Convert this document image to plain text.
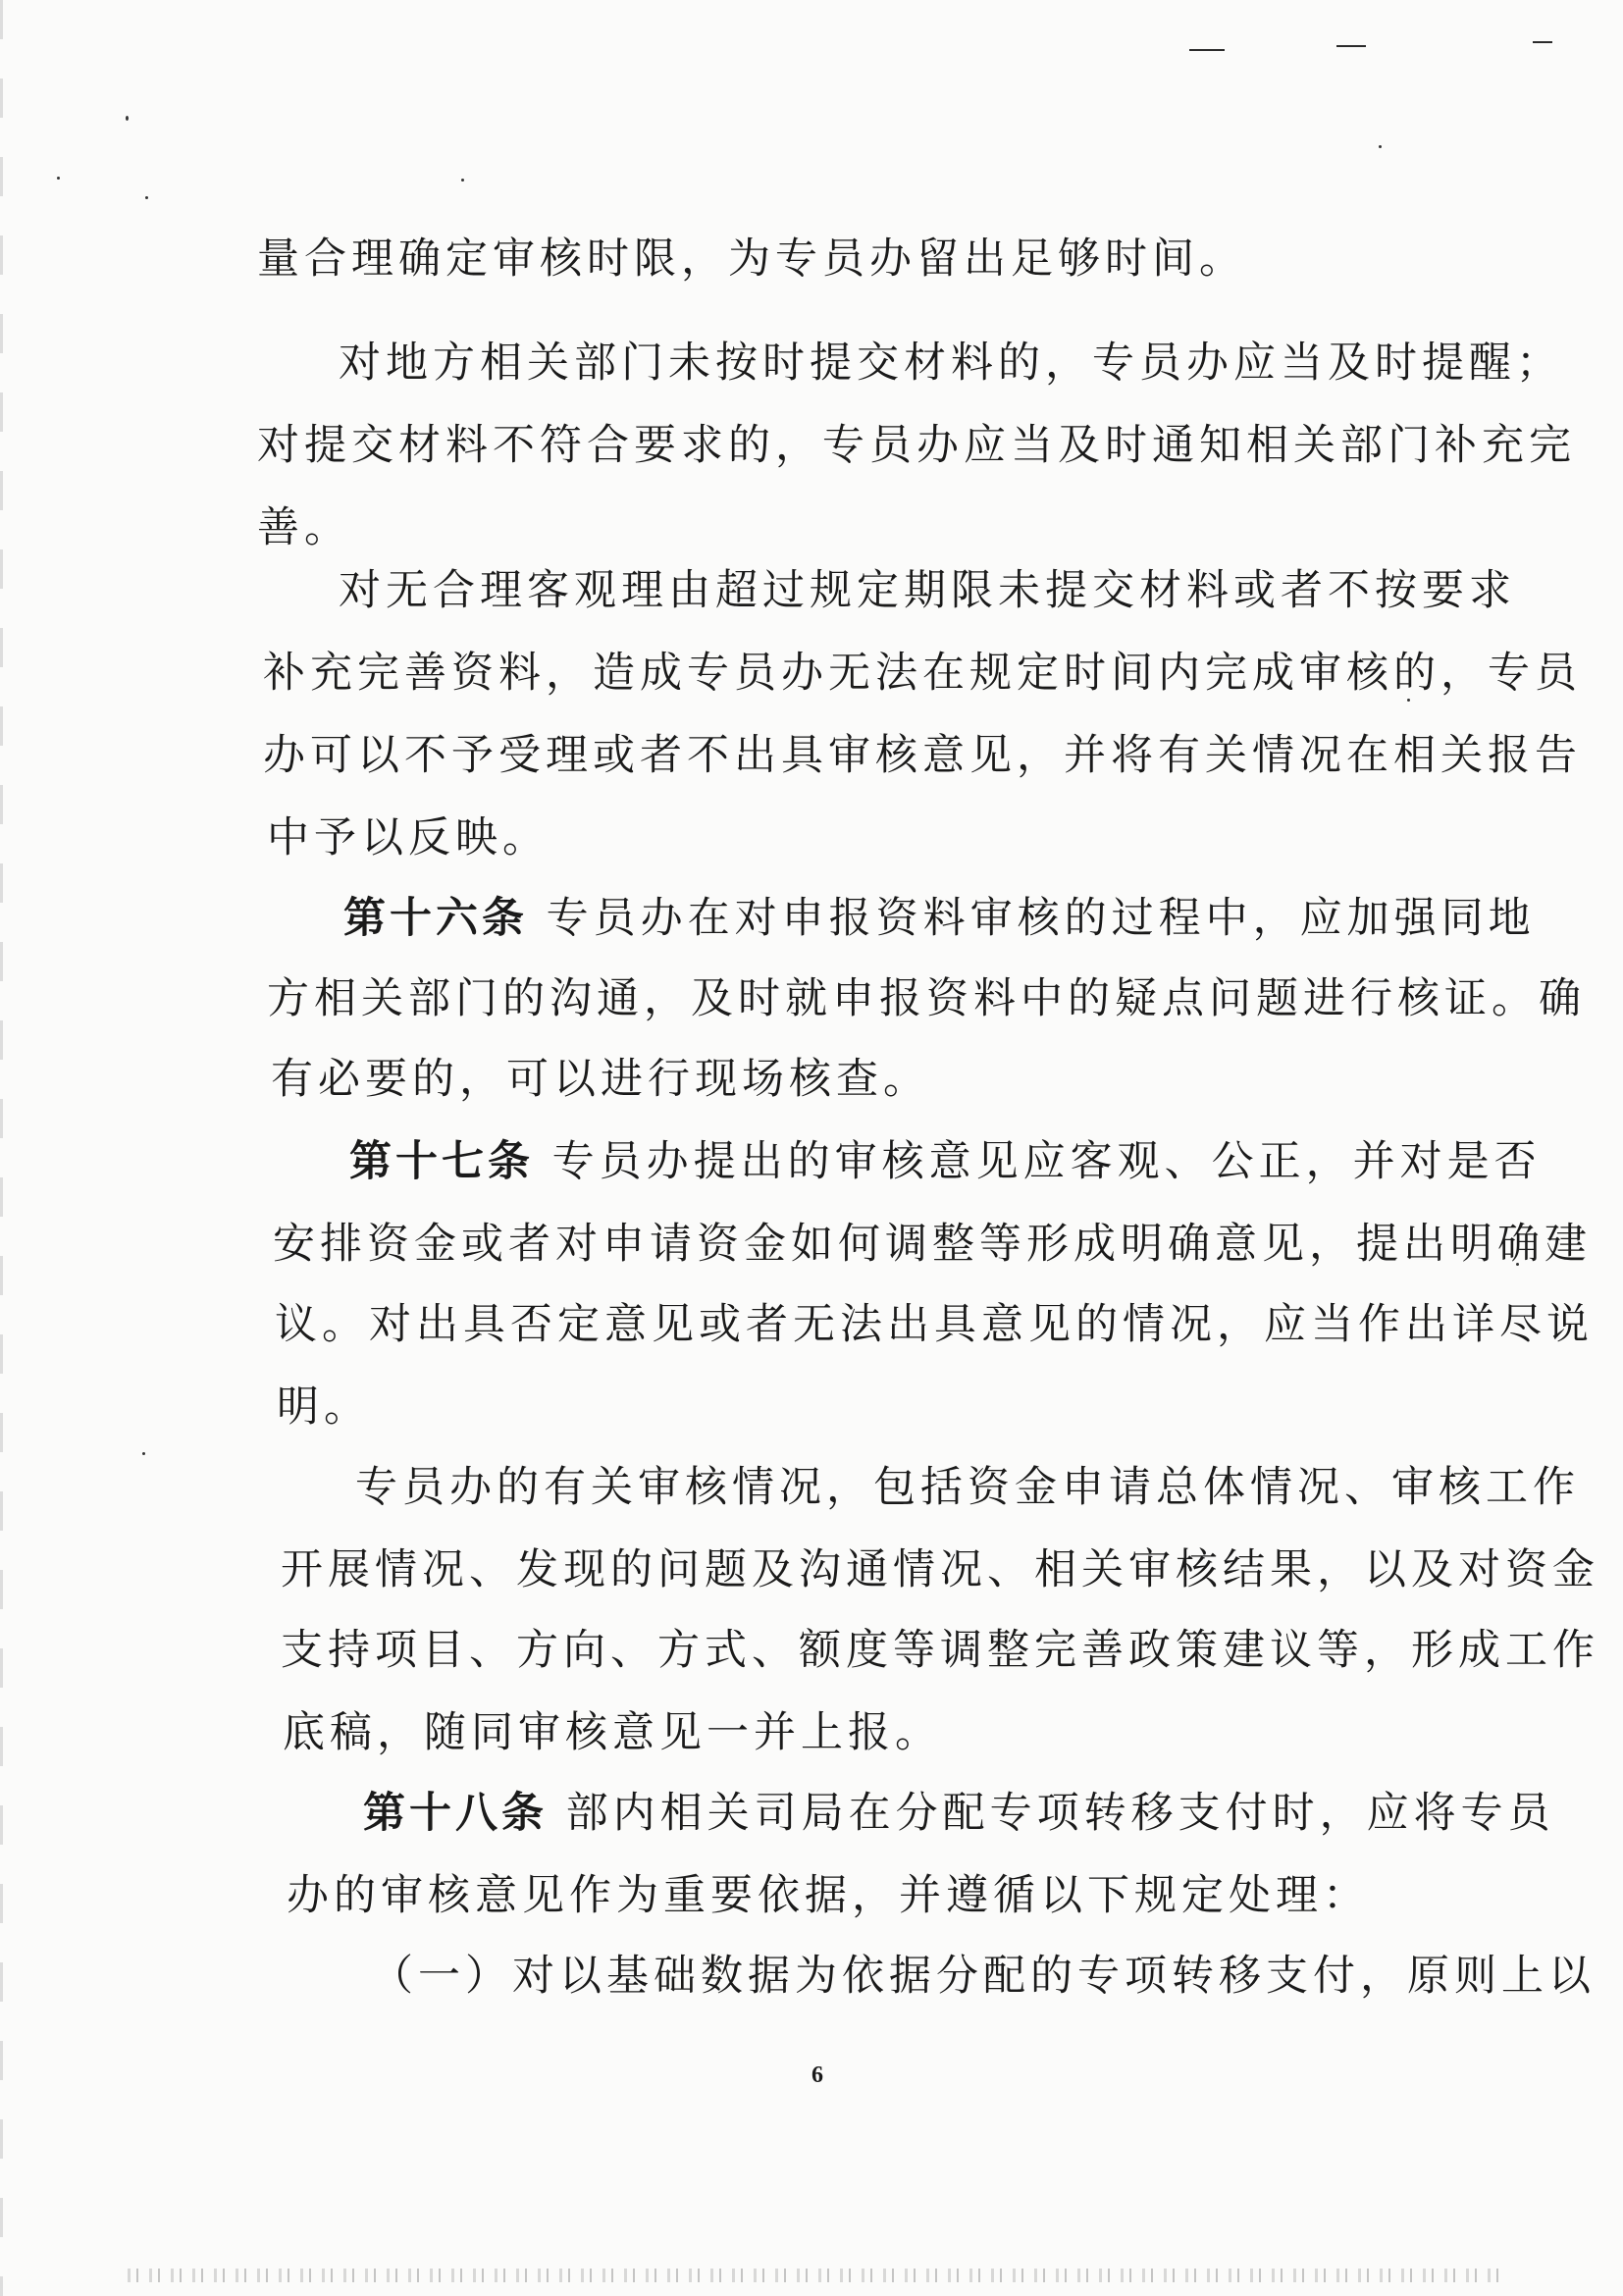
量合理确定审核时限，为专员办留出足够时间。
对地方相关部门未按时提交材料的，专员办应当及时提醒；
对提交材料不符合要求的，专员办应当及时通知相关部门补充完
善。
对无合理客观理由超过规定期限未提交材料或者不按要求
补充完善资料，造成专员办无法在规定时间内完成审核的，专员
办可以不予受理或者不出具审核意见，并将有关情况在相关报告
中予以反映。
第十六条 专员办在对申报资料审核的过程中，应加强同地
方相关部门的沟通，及时就申报资料中的疑点问题进行核证。确
有必要的，可以进行现场核查。
第十七条 专员办提出的审核意见应客观、公正，并对是否
安排资金或者对申请资金如何调整等形成明确意见，提出明确建
议。对出具否定意见或者无法出具意见的情况，应当作出详尽说
明。
专员办的有关审核情况，包括资金申请总体情况、审核工作
开展情况、发现的问题及沟通情况、相关审核结果，以及对资金
支持项目、方向、方式、额度等调整完善政策建议等，形成工作
底稿，随同审核意见一并上报。
第十八条 部内相关司局在分配专项转移支付时，应将专员
办的审核意见作为重要依据，并遵循以下规定处理：
（一）对以基础数据为依据分配的专项转移支付，原则上以
6
